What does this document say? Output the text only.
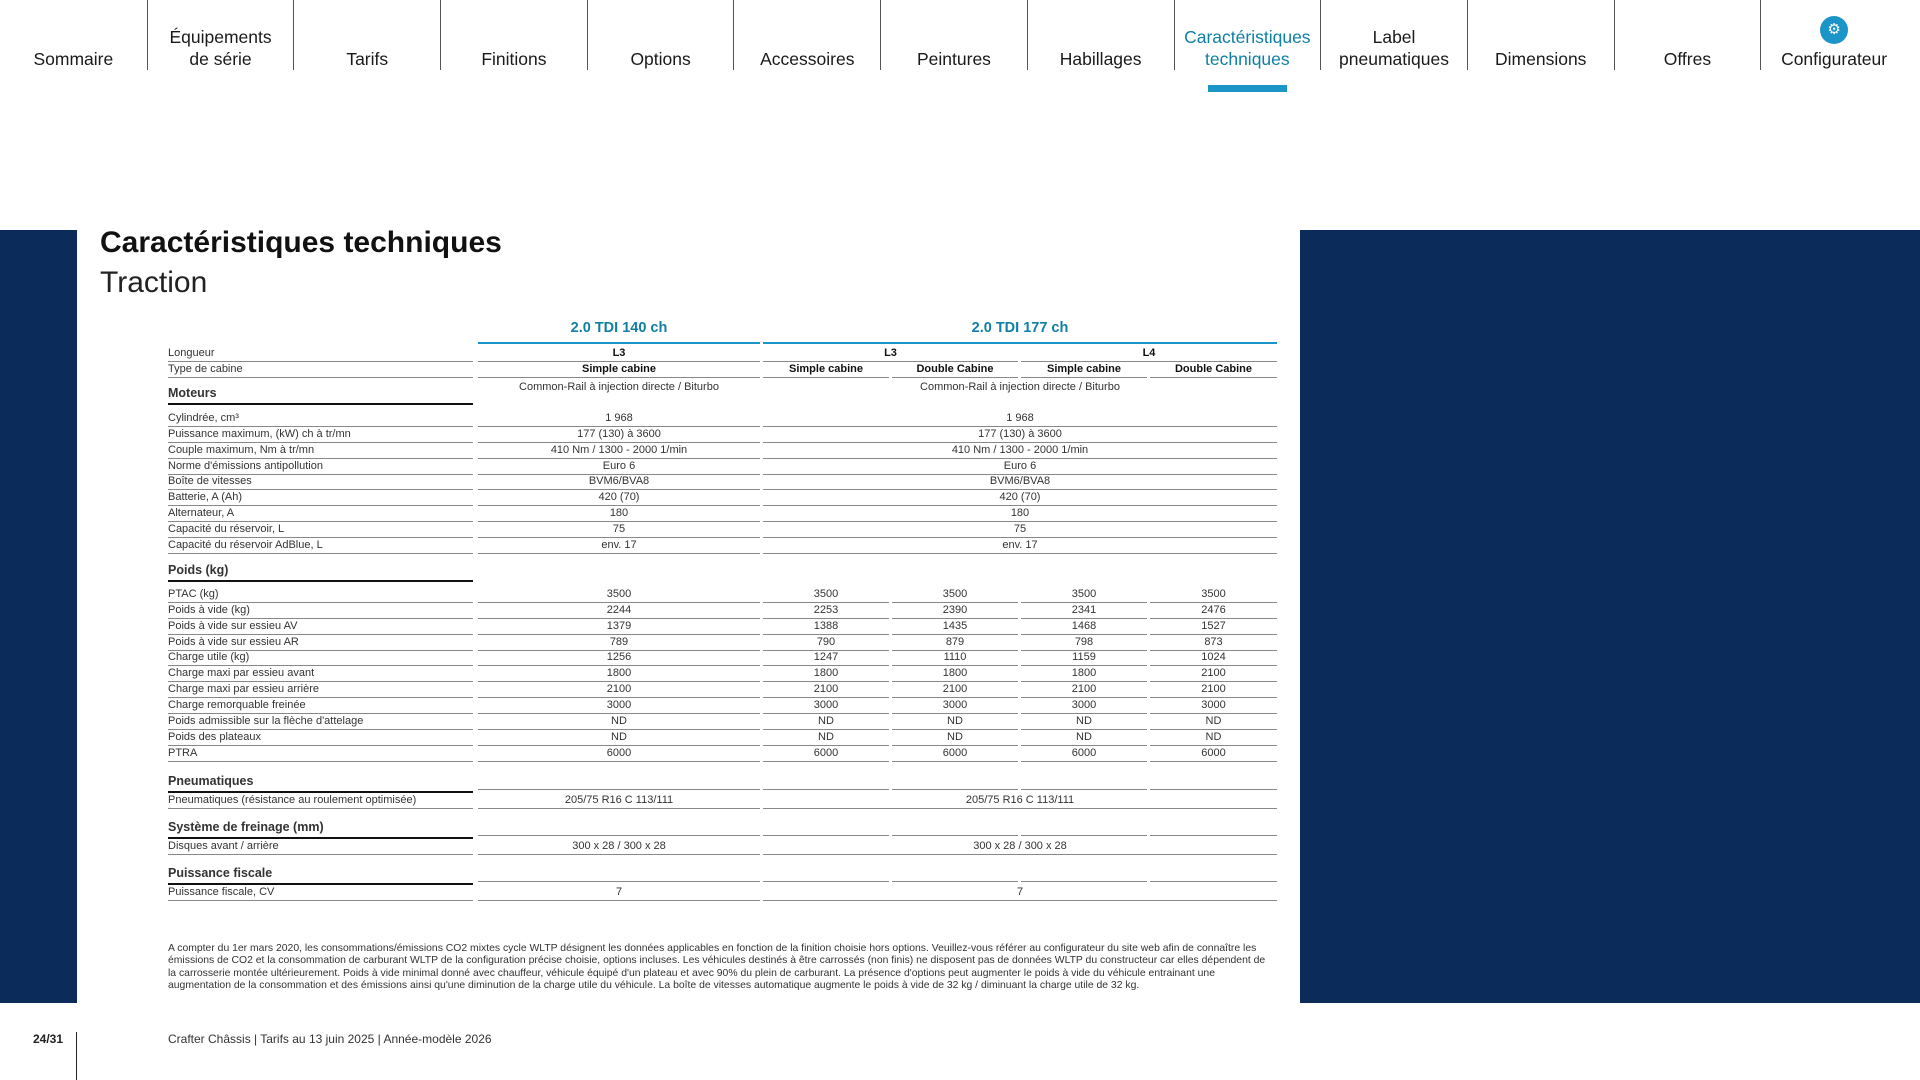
Sommaire
Équipements
de série	Tarifs	Finitions	Options	Accessoires	Peintures	Habillages
Caractéristiques
techniques
Label
pneumatiques	Dimensions	Offres
⚙
Configurateur
Caractéristiques techniques
Traction
2.0 TDI 140 ch	2.0 TDI 177 ch
Longueur	L3	L3	L4
Type de cabine	Simple cabine	Simple cabine	Double Cabine	Simple cabine	Double Cabine
Moteurs	Common-Rail à injection directe / Biturbo	Common-Rail à injection directe / Biturbo
Cylindrée, cm³	1 968	1 968
Puissance maximum, (kW) ch à tr/mn	177 (130) à 3600	177 (130) à 3600
Couple maximum, Nm à tr/mn	410 Nm / 1300 - 2000 1/min	410 Nm / 1300 - 2000 1/min
Norme d'émissions antipollution	Euro 6	Euro 6
Boîte de vitesses	BVM6/BVA8	BVM6/BVA8
Batterie, A (Ah)	420 (70)	420 (70)
Alternateur, A	180	180
Capacité du réservoir, L	75	75
Capacité du réservoir AdBlue, L	env. 17	env. 17
Poids (kg)
PTAC (kg)	3500	3500	3500	3500	3500
Poids à vide (kg)	2244	2253	2390	2341	2476
Poids à vide sur essieu AV	1379	1388	1435	1468	1527
Poids à vide sur essieu AR	789	790	879	798	873
Charge utile (kg)	1256	1247	1110	1159	1024
Charge maxi par essieu avant	1800	1800	1800	1800	2100
Charge maxi par essieu arrière	2100	2100	2100	2100	2100
Charge remorquable freinée	3000	3000	3000	3000	3000
Poids admissible sur la flèche d'attelage	ND	ND	ND	ND	ND
Poids des plateaux	ND	ND	ND	ND	ND
PTRA	6000	6000	6000	6000	6000
Pneumatiques
Pneumatiques (résistance au roulement optimisée)	205/75 R16 C 113/111	205/75 R16 C 113/111
Système de freinage (mm)
Disques avant / arrière	300 x 28 / 300 x 28	300 x 28 / 300 x 28
Puissance fiscale
Puissance fiscale, CV	7	7
A compter du 1er mars 2020, les consommations/émissions CO2 mixtes cycle WLTP désignent les données applicables en fonction de la finition choisie hors options. Veuillez-vous référer au configurateur du site web afin de connaître les émissions de CO2 et la consommation de carburant WLTP de la configuration précise choisie, options incluses. Les véhicules destinés à être carrossés (non finis) ne disposent pas de données WLTP du constructeur car elles dépendent de la carrosserie montée ultérieurement. Poids à vide minimal donné avec chauffeur, véhicule équipé d'un plateau et avec 90% du plein de carburant. La présence d'options peut augmenter le poids à vide du véhicule entrainant une augmentation de la consommation et des émissions ainsi qu'une diminution de la charge utile du véhicule. La boîte de vitesses automatique augmente le poids à vide de 32 kg / diminuant la charge utile de 32 kg.
24/31	Crafter Châssis | Tarifs au 13 juin 2025 | Année-modèle 2026
